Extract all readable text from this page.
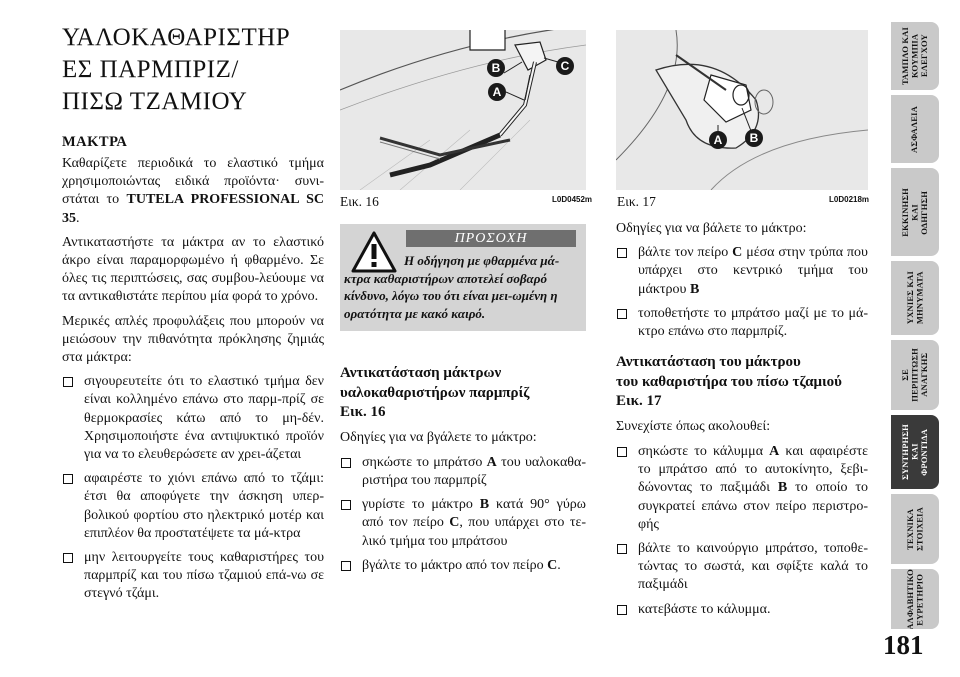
ΥΑΛΟΚΑΘΑΡΙΣΤΗΡ
ΕΣ ΠΑΡΜΠΡΙΖ/
ΠΙΣΩ ΤΖΑΜΙΟΥ
ΜΑΚΤΡΑ

Καθαρίζετε περιοδικά το ελαστικό τμήμα χρησιμοποιώντας ειδικά προϊόντα· συνι-στάται το TUTELA PROFESSIONAL SC 35.

Αντικαταστήστε τα μάκτρα αν το ελαστικό άκρο είναι παραμορφωμένο ή φθαρμένο. Σε όλες τις περιπτώσεις, σας συμβου-λεύουμε να τα αντικαθιστάτε περίπου μία φορά το χρόνο.

Μερικές απλές προφυλάξεις που μπορούν να μειώσουν την πιθανότητα πρόκλησης ζημιάς στα μάκτρα:

σιγουρευτείτε ότι το ελαστικό τμήμα δεν είναι κολλημένο επάνω στο παρμ-πρίζ σε θερμοκρασίες κάτω από το μη-δέν. Χρησιμοποιήστε ένα αντιψυκτικό προϊόν για να το ελευθερώσετε αν χρει-άζεται
αφαιρέστε το χιόνι επάνω από το τζάμι: έτσι θα αποφύγετε την άσκηση υπερ-βολικού φορτίου στο ηλεκτρικό μοτέρ και επιπλέον θα προστατέψετε τα μά-κτρα
μην λειτουργείτε τους καθαριστήρες του παρμπρίζ και του πίσω τζαμιού επά-νω σε στεγνό τζάμι.
B	C
A
Εικ. 16	L0D0452m
A B
Εικ. 17	L0D0218m
ΠΡΟΣΟΧΗ
Η οδήγηση με φθαρμένα μά-κτρα καθαριστήρων αποτελεί σοβαρό κίνδυνο, λόγω του ότι είναι μει-ωμένη η ορατότητα με κακό καιρό.
Αντικατάσταση μάκτρων
υαλοκαθαριστήρων παρμπρίζ
Εικ. 16

Οδηγίες για να βγάλετε το μάκτρο:

σηκώστε το μπράτσο A του υαλοκαθα-ριστήρα του παρμπρίζ
γυρίστε το μάκτρο B κατά 90° γύρω από τον πείρο C, που υπάρχει στο τε-λικό τμήμα του μπράτσου
βγάλτε το μάκτρο από τον πείρο C.

Οδηγίες για να βάλετε το μάκτρο:

βάλτε τον πείρο C μέσα στην τρύπα που υπάρχει στο κεντρικό τμήμα του μάκτρου B
τοποθετήστε το μπράτσο μαζί με το μά-κτρο επάνω στο παρμπρίζ.
Αντικατάσταση του μάκτρου
του καθαριστήρα του πίσω τζαμιού
Εικ. 17

Συνεχίστε όπως ακολουθεί:

σηκώστε το κάλυμμα A και αφαιρέστε το μπράτσο από το αυτοκίνητο, ξεβι-δώνοντας το παξιμάδι B το οποίο το συγκρατεί επάνω στον πείρο περιστρο-φής
βάλτε το καινούργιο μπράτσο, τοποθε-τώντας το σωστά, και σφίξτε καλά το παξιμάδι
κατεβάστε το κάλυμμα.
ΤΑΜΠΛΟ ΚΑΙ
ΚΟΥΜΠΙΑ
ΕΛΕΓΧΟΥ
ΑΣΦΑΛΕΙΑ
ΕΚΚΙΝΗΣΗ
ΚΑΙ
ΟΔΗΓΗΣΗ
ΥΧΝΙΕΣ ΚΑΙ
ΜΗΝΥΜΑΤΑ
ΣΕ
ΠΕΡΙΠΤΩΣΗ
ΑΝΑΓΚΗΣ
ΣΥΝΤΗΡΗΣΗ
ΚΑΙ
ΦΡΟΝΤΙΔΑ
ΤΕΧΝΙΚΑ
ΣΤΟΙΧΕΙΑ
ΑΛΦΑΒΗΤΙΚΟ
ΕΥΡΕΤΗΡΙΟ
181
